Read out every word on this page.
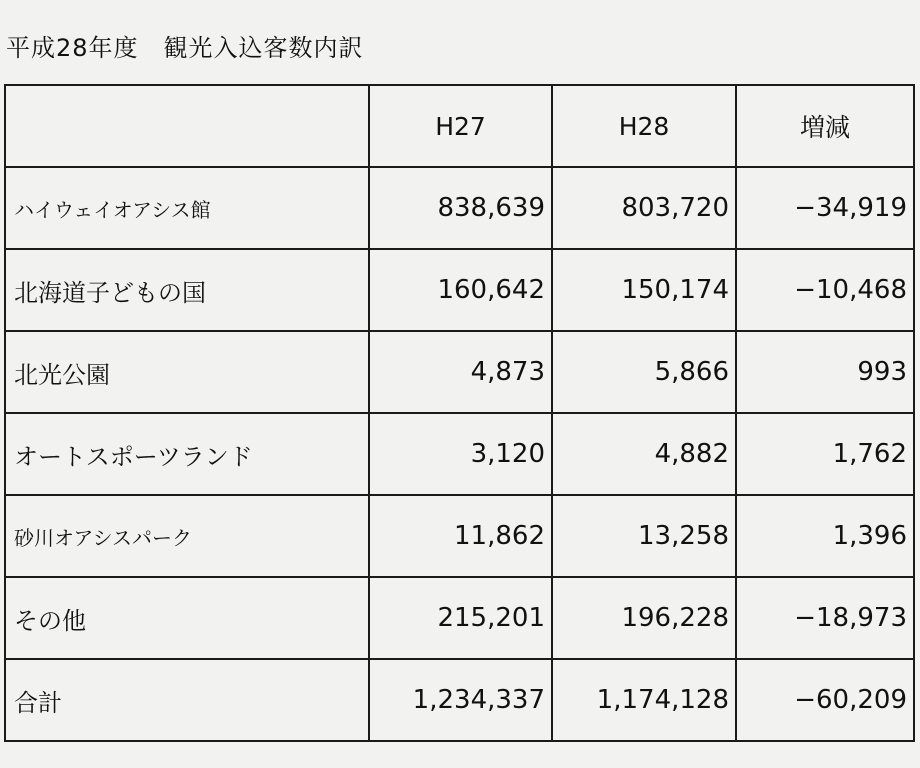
平成28年度　観光入込客数内訳
	H27	H28	増減
ハイウェイオアシス館	838,639	803,720	−34,919
北海道子どもの国	160,642	150,174	−10,468
北光公園	4,873	5,866	993
オートスポーツランド	3,120	4,882	1,762
砂川オアシスパーク	11,862	13,258	1,396
その他	215,201	196,228	−18,973
合計	1,234,337	1,174,128	−60,209
